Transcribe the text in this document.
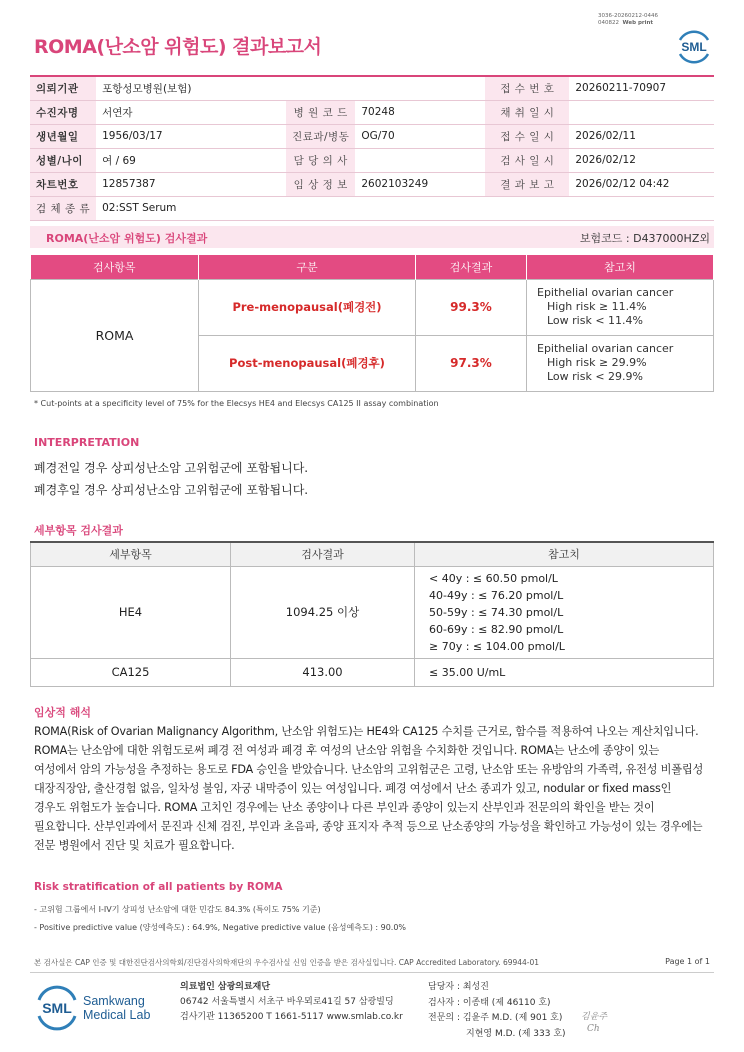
ROMA(난소암 위험도) 결과보고서
3036-20260212-0446
040822 Web print
SML
의뢰기관	포항성모병원(보험)			접 수 번 호	20260211-70907
수진자명	서연자	병 원 코 드	70248	채 취 일 시	
생년월일	1956/03/17	진료과/병동	OG/70	접 수 일 시	2026/02/11
성별/나이	여 / 69	담 당 의 사		검 사 일 시	2026/02/12
차트번호	12857387	임 상 정 보	2602103249	결 과 보 고	2026/02/12 04:42
검 체 종 류	02:SST Serum				
ROMA(난소암 위험도) 검사결과	보험코드 : D437000HZ외
검사항목	구분	검사결과	참고치
ROMA	Pre-menopausal(폐경전)	99.3%	Epithelial ovarian cancer
High risk ≥ 11.4%
Low risk < 11.4%

	Post-menopausal(폐경후)	97.3%	Epithelial ovarian cancer
High risk ≥ 29.9%
Low risk < 29.9%
* Cut-points at a specificity level of 75% for the Elecsys HE4 and Elecsys CA125 II assay combination
INTERPRETATION
폐경전일 경우 상피성난소암 고위험군에 포함됩니다.
폐경후일 경우 상피성난소암 고위험군에 포함됩니다.
세부항목 검사결과
세부항목	검사결과	참고치
HE4	1094.25 이상	< 40y : ≤ 60.50 pmol/L
40-49y : ≤ 76.20 pmol/L
50-59y : ≤ 74.30 pmol/L
60-69y : ≤ 82.90 pmol/L
≥ 70y : ≤ 104.00 pmol/L

CA125	413.00	≤ 35.00 U/mL
임상적 해석
ROMA(Risk of Ovarian Malignancy Algorithm, 난소암 위험도)는 HE4와 CA125 수치를 근거로, 함수를 적용하여 나오는 계산치입니다.
ROMA는 난소암에 대한 위험도로써 폐경 전 여성과 폐경 후 여성의 난소암 위험을 수치화한 것입니다. ROMA는 난소에 종양이 있는
여성에서 암의 가능성을 추정하는 용도로 FDA 승인을 받았습니다. 난소암의 고위험군은 고령, 난소암 또는 유방암의 가족력, 유전성 비폴립성
대장직장암, 출산경험 없음, 일차성 불임, 자궁 내막증이 있는 여성입니다. 폐경 여성에서 난소 종괴가 있고, nodular or fixed mass인
경우도 위험도가 높습니다. ROMA 고치인 경우에는 난소 종양이나 다른 부인과 종양이 있는지 산부인과 전문의의 확인을 받는 것이
필요합니다. 산부인과에서 문진과 신체 검진, 부인과 초음파, 종양 표지자 추적 등으로 난소종양의 가능성을 확인하고 가능성이 있는 경우에는
전문 병원에서 진단 및 치료가 필요합니다.
Risk stratification of all patients by ROMA
- 고위험 그룹에서 I-IV기 상피성 난소암에 대한 민감도 84.3% (특이도 75% 기준)
- Positive predictive value (양성예측도) : 64.9%, Negative predictive value (음성예측도) : 90.0%
본 검사실은 CAP 인증 및 대한진단검사의학회/진단검사의학재단의 우수검사실 신임 인증을 받은 검사실입니다. CAP Accredited Laboratory. 69944-01	Page 1 of 1
SML Samkwang
Medical Lab
의료법인 삼광의료재단
06742 서울특별시 서초구 바우뫼로41길 57 삼광빌딩
검사기관 11365200 T 1661-5117 www.smlab.co.kr
담당자 : 최성진
검사자 : 이종태 (제 46110 호)
전문의 : 김윤주 M.D. (제 901 호)
지현영 M.D. (제 333 호)
김윤주
Ch
